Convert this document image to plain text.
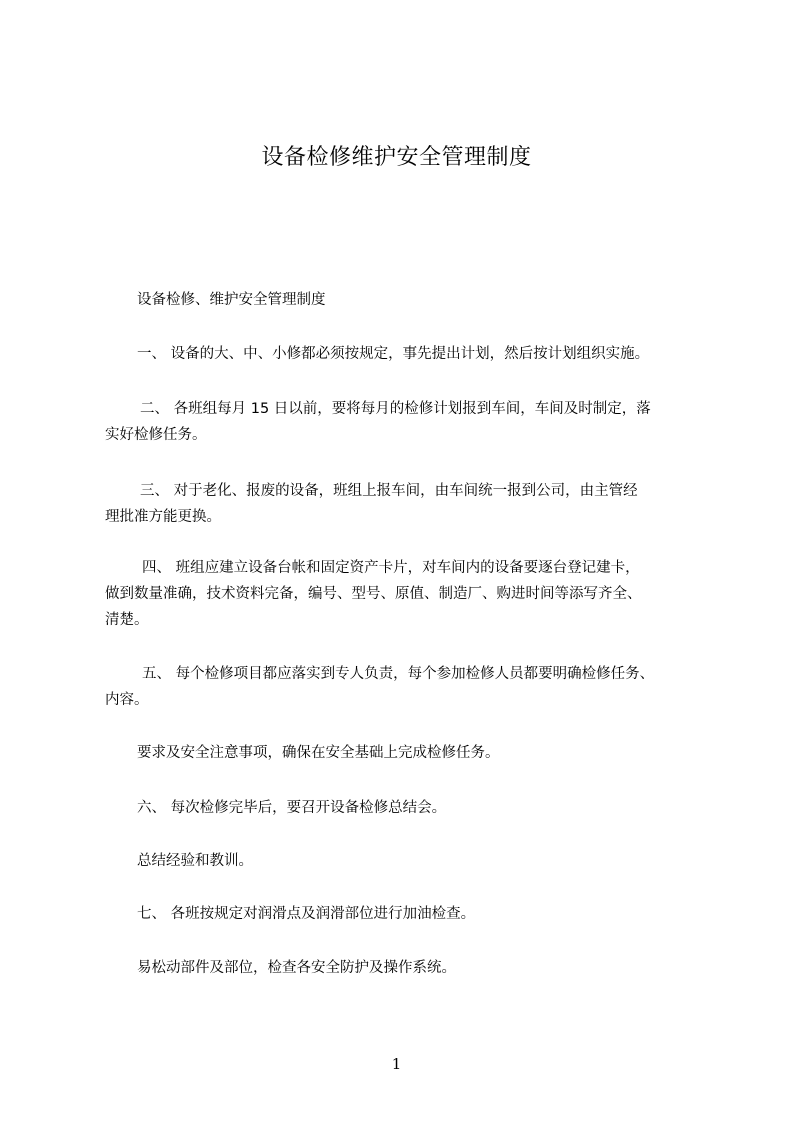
设备检修维护安全管理制度
设备检修、维护安全管理制度
一、 设备的大、中、小修都必须按规定，事先提出计划，然后按计划组织实施。
二、 各班组每月 15 日以前，要将每月的检修计划报到车间，车间及时制定，落
实好检修任务。
三、 对于老化、报废的设备，班组上报车间，由车间统一报到公司，由主管经
理批准方能更换。
四、 班组应建立设备台帐和固定资产卡片，对车间内的设备要逐台登记建卡，
做到数量准确，技术资料完备，编号、型号、原值、制造厂、购进时间等添写齐全、
清楚。
五、 每个检修项目都应落实到专人负责，每个参加检修人员都要明确检修任务、
内容。
要求及安全注意事项，确保在安全基础上完成检修任务。
六、 每次检修完毕后，要召开设备检修总结会。
总结经验和教训。
七、 各班按规定对润滑点及润滑部位进行加油检查。
易松动部件及部位，检查各安全防护及操作系统。
1
